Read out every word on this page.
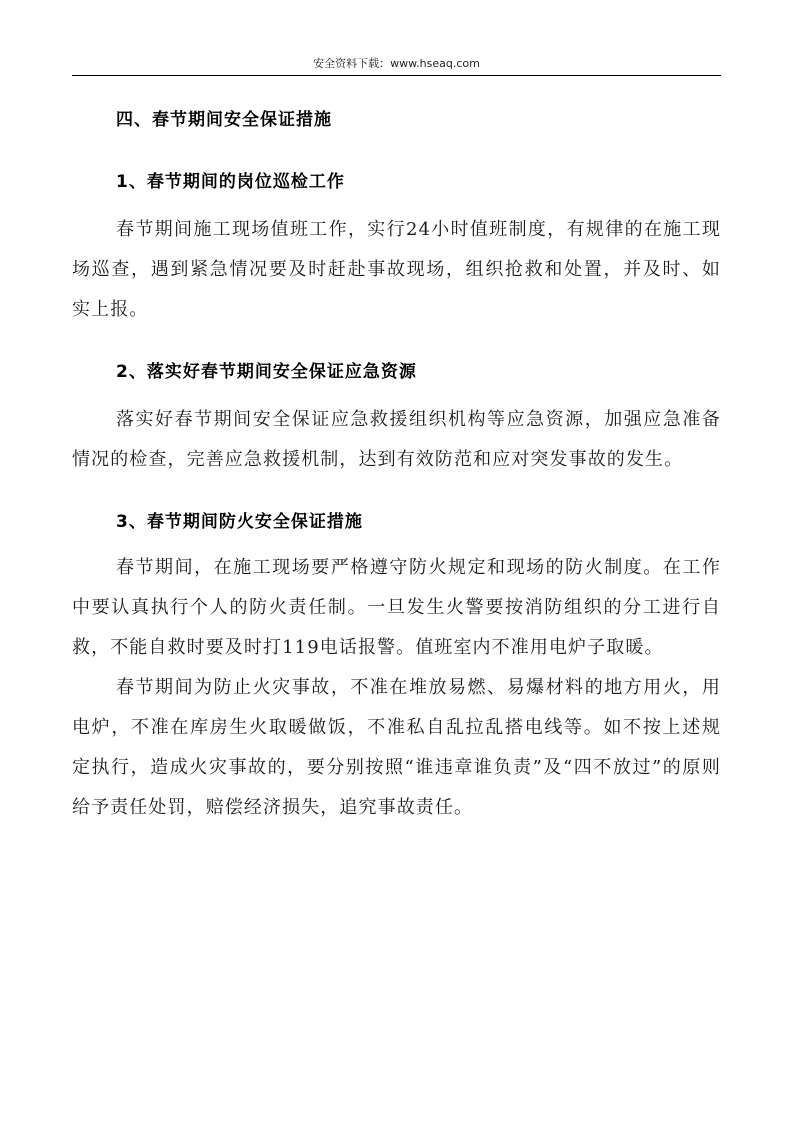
安全资料下载：www.hseaq.com
四、春节期间安全保证措施
1、春节期间的岗位巡检工作

春节期间施工现场值班工作，实行24小时值班制度，有规律的在施工现场巡查，遇到紧急情况要及时赶赴事故现场，组织抢救和处置，并及时、如实上报。

2、落实好春节期间安全保证应急资源

落实好春节期间安全保证应急救援组织机构等应急资源，加强应急准备情况的检查，完善应急救援机制，达到有效防范和应对突发事故的发生。

3、春节期间防火安全保证措施

春节期间，在施工现场要严格遵守防火规定和现场的防火制度。在工作中要认真执行个人的防火责任制。一旦发生火警要按消防组织的分工进行自救，不能自救时要及时打119电话报警。值班室内不准用电炉子取暖。

春节期间为防止火灾事故，不准在堆放易燃、易爆材料的地方用火，用电炉，不准在库房生火取暖做饭，不准私自乱拉乱搭电线等。如不按上述规定执行，造成火灾事故的，要分别按照“谁违章谁负责”及“四不放过”的原则给予责任处罚，赔偿经济损失，追究事故责任。
